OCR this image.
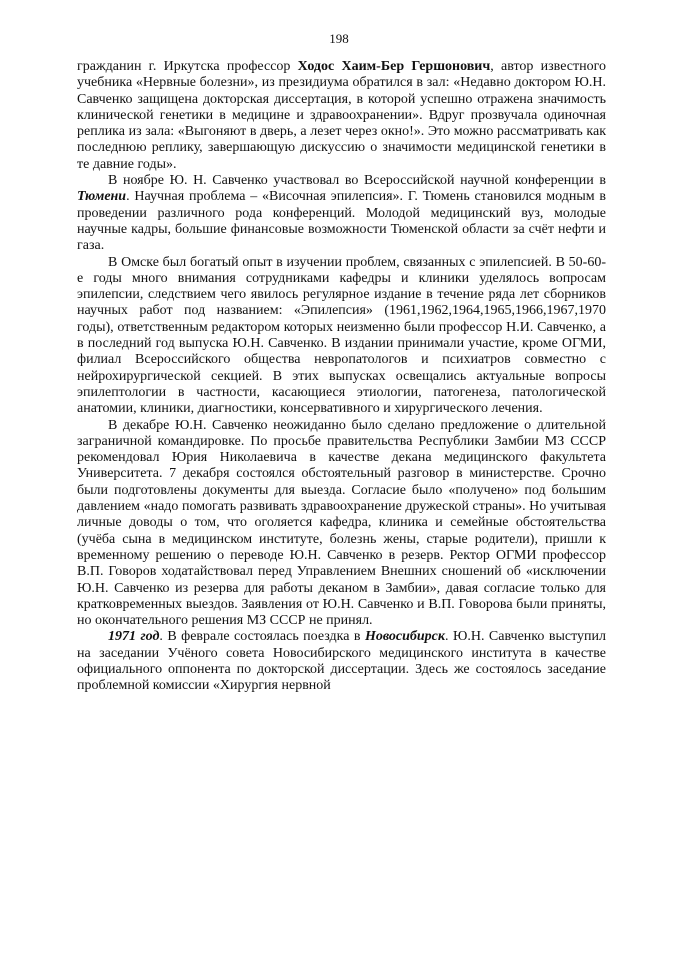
198

гражданин г. Иркутска профессор Ходос Хаим-Бер Гершонович, автор известного учебника «Нервные болезни», из президиума обратился в зал: «Недавно доктором Ю.Н. Савченко защищена докторская диссертация, в которой успешно отражена значимость клинической генетики в медицине и здравоохранении». Вдруг прозвучала одиночная реплика из зала: «Выгоняют в дверь, а лезет через окно!». Это можно рассматривать как последнюю реплику, завершающую дискуссию о значимости медицинской генетики в те давние годы».

В ноябре Ю. Н. Савченко участвовал во Всероссийской научной конференции в Тюмени. Научная проблема – «Височная эпилепсия». Г. Тюмень становился модным в проведении различного рода конференций. Молодой медицинский вуз, молодые научные кадры, большие финансовые возможности Тюменской области за счёт нефти и газа.

В Омске был богатый опыт в изучении проблем, связанных с эпилепсией. В 50-60-е годы много внимания сотрудниками кафедры и клиники уделялось вопросам эпилепсии, следствием чего явилось регулярное издание в течение ряда лет сборников научных работ под названием: «Эпилепсия» (1961,1962,1964,1965,1966,1967,1970 годы), ответственным редактором которых неизменно были профессор Н.И. Савченко, а в последний год выпуска Ю.Н. Савченко. В издании принимали участие, кроме ОГМИ, филиал Всероссийского общества невропатологов и психиатров совместно с нейрохирургической секцией. В этих выпусках освещались актуальные вопросы эпилептологии в частности, касающиеся этиологии, патогенеза, патологической анатомии, клиники, диагностики, консервативного и хирургического лечения.

В декабре Ю.Н. Савченко неожиданно было сделано предложение о длительной заграничной командировке. По просьбе правительства Республики Замбии МЗ СССР рекомендовал Юрия Николаевича в качестве декана медицинского факультета Университета. 7 декабря состоялся обстоятельный разговор в министерстве. Срочно были подготовлены документы для выезда. Согласие было «получено» под большим давлением «надо помогать развивать здравоохранение дружеской страны». Но учитывая личные доводы о том, что оголяется кафедра, клиника и семейные обстоятельства (учёба сына в медицинском институте, болезнь жены, старые родители), пришли к временному решению о переводе Ю.Н. Савченко в резерв. Ректор ОГМИ профессор В.П. Говоров ходатайствовал перед Управлением Внешних сношений об «исключении Ю.Н. Савченко из резерва для работы деканом в Замбии», давая согласие только для кратковременных выездов. Заявления от Ю.Н. Савченко и В.П. Говорова были приняты, но окончательного решения МЗ СССР не принял.

1971 год. В феврале состоялась поездка в Новосибирск. Ю.Н. Савченко выступил на заседании Учёного совета Новосибирского медицинского института в качестве официального оппонента по докторской диссертации. Здесь же состоялось заседание проблемной комиссии «Хирургия нервной
